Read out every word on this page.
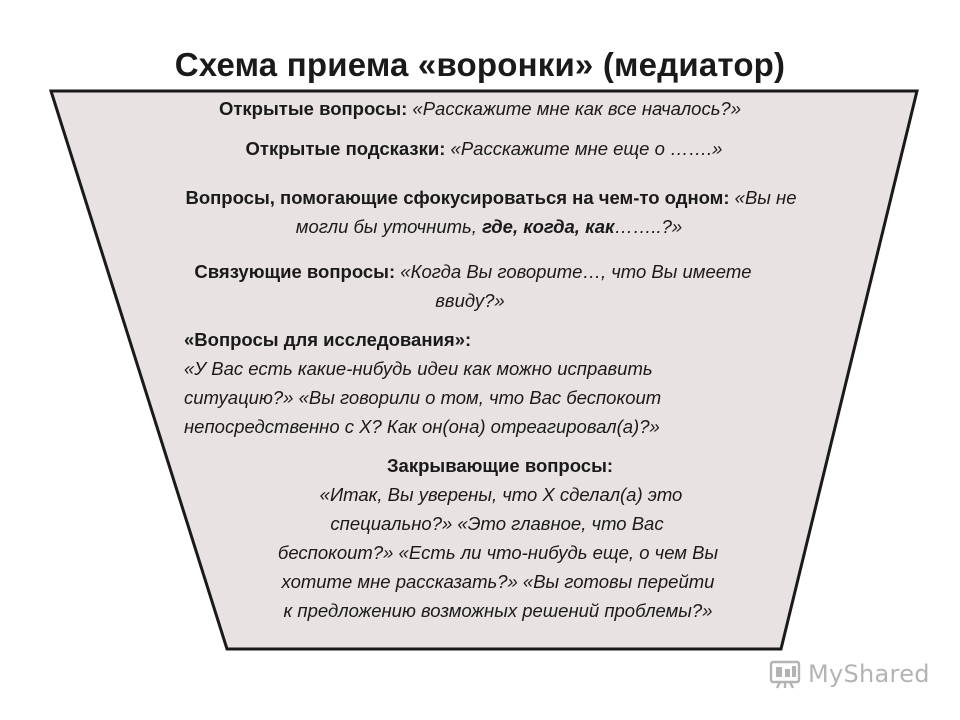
Схема приема «воронки» (медиатор)
Открытые вопросы: «Расскажите мне как все началось?»
Открытые подсказки: «Расскажите мне еще о …….»
Вопросы, помогающие сфокусироваться на чем-то одном: «Вы не
могли бы уточнить, где, когда, как……..?»
Связующие вопросы: «Когда Вы говорите…, что Вы имеете
ввиду?»
«Вопросы для исследования»:
«У Вас есть какие-нибудь идеи как можно исправить
ситуацию?» «Вы говорили о том, что Вас беспокоит
непосредственно с Х? Как он(она) отреагировал(а)?»
Закрывающие вопросы:
«Итак, Вы уверены, что Х сделал(а) это
специально?» «Это главное, что Вас
беспокоит?» «Есть ли что-нибудь еще, о чем Вы
хотите мне рассказать?» «Вы готовы перейти
к предложению возможных решений проблемы?»
MyShared
